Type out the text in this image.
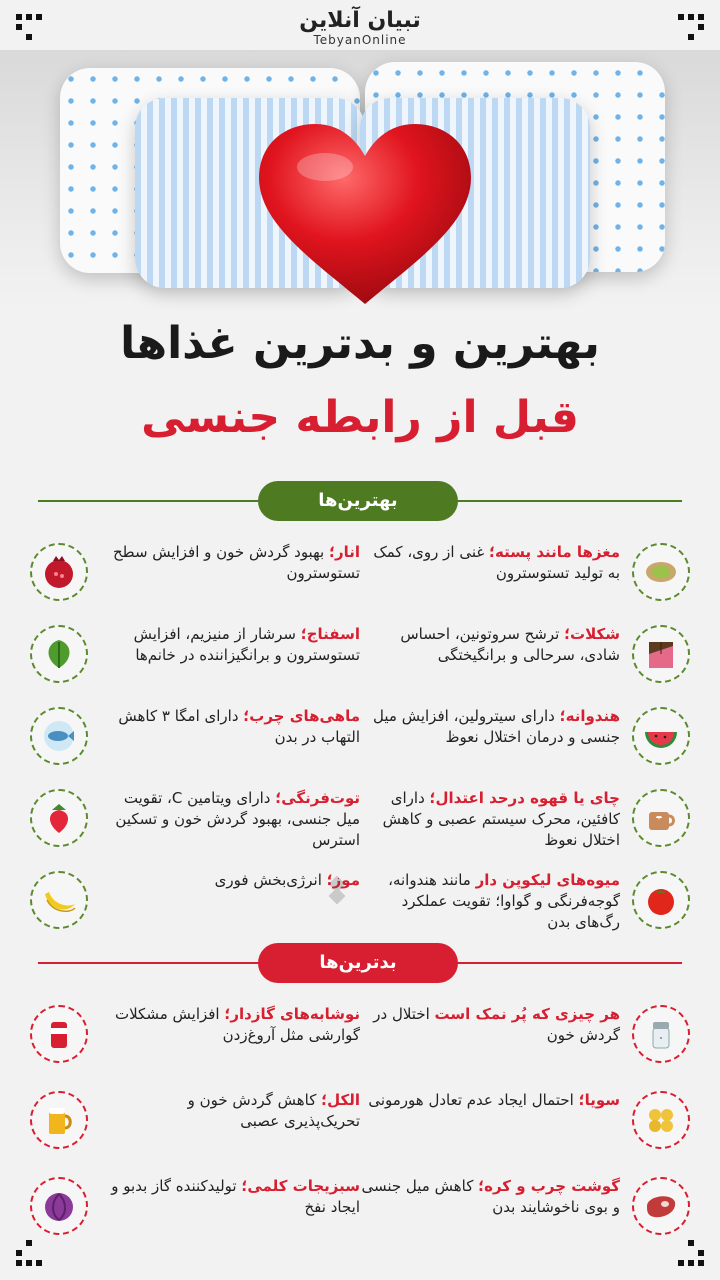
تبیان آنلاین
TebyanOnline
بهترین و بدترین غذاها
قبل از رابطه جنسی
بهترین‌ها
مغزها مانند پسته؛ غنی از روی، کمک به تولید تستوسترون
انار؛ بهبود گردش خون و افزایش سطح تستوسترون
شکلات؛ ترشح سروتونین، احساس شادی، سرحالی و برانگیختگی
اسفناج؛ سرشار از منیزیم، افزایش تستوسترون و برانگیزاننده در خانم‌ها
هندوانه؛ دارای سیترولین، افزایش میل جنسی و درمان اختلال نعوظ
ماهی‌های چرب؛ دارای امگا ۳ کاهش التهاب در بدن
چای یا قهوه درحد اعتدال؛ دارای کافئین، محرک سیستم عصبی و کاهش اختلال نعوظ
توت‌فرنگی؛ دارای ویتامین C، تقویت میل جنسی، بهبود گردش خون و تسکین استرس
میوه‌های لیکوپن دار مانند هندوانه، گوجه‌فرنگی و گواوا؛ تقویت عملکرد رگ‌های بدن
موز؛ انرژی‌بخش فوری
بدترین‌ها
هر چیزی که پُر نمک است اختلال در گردش خون
نوشابه‌های گازدار؛ افزایش مشکلات گوارشی مثل آروغ‌زدن
سویا؛ احتمال ایجاد عدم تعادل هورمونی
الکل؛ کاهش گردش خون و تحریک‌پذیری عصبی
گوشت چرب و کره؛ کاهش میل جنسی و بوی ناخوشایند بدن
سبزیجات کلمی؛ تولیدکننده گاز بدبو و ایجاد نفخ
